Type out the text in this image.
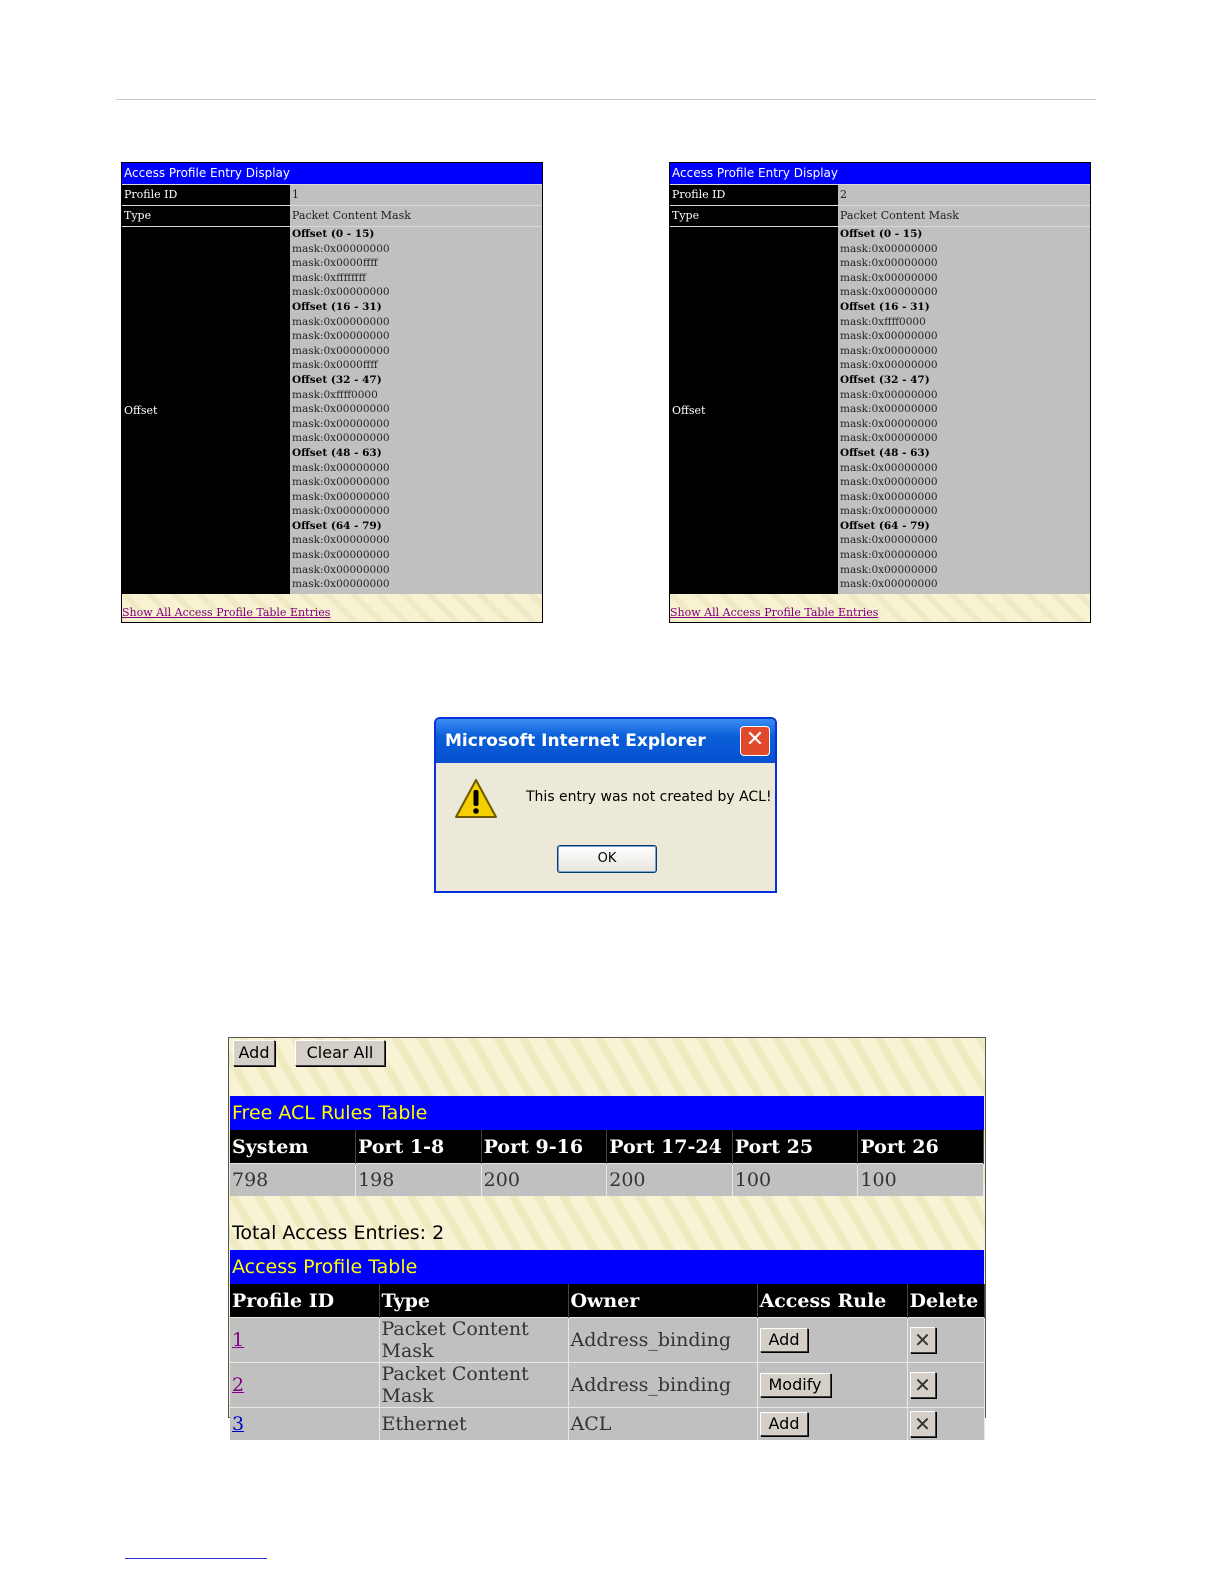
Access Profile Entry Display
Profile ID	1
Type	Packet Content Mask
Offset
Offset (0 - 15)
mask:0x00000000
mask:0x0000ffff
mask:0xffffffff
mask:0x00000000
Offset (16 - 31)
mask:0x00000000
mask:0x00000000
mask:0x00000000
mask:0x0000ffff
Offset (32 - 47)
mask:0xffff0000
mask:0x00000000
mask:0x00000000
mask:0x00000000
Offset (48 - 63)
mask:0x00000000
mask:0x00000000
mask:0x00000000
mask:0x00000000
Offset (64 - 79)
mask:0x00000000
mask:0x00000000
mask:0x00000000
mask:0x00000000
Show All Access Profile Table Entries
Access Profile Entry Display
Profile ID	2
Type	Packet Content Mask
Offset
Offset (0 - 15)
mask:0x00000000
mask:0x00000000
mask:0x00000000
mask:0x00000000
Offset (16 - 31)
mask:0xffff0000
mask:0x00000000
mask:0x00000000
mask:0x00000000
Offset (32 - 47)
mask:0x00000000
mask:0x00000000
mask:0x00000000
mask:0x00000000
Offset (48 - 63)
mask:0x00000000
mask:0x00000000
mask:0x00000000
mask:0x00000000
Offset (64 - 79)
mask:0x00000000
mask:0x00000000
mask:0x00000000
mask:0x00000000
Show All Access Profile Table Entries
Microsoft Internet Explorer ✕
This entry was not created by ACL!
OK
Add	Clear All
Free ACL Rules Table
System	Port 1-8	Port 9-16	Port 17-24	Port 25	Port 26
798	198	200	200	100	100
Total Access Entries: 2
Access Profile Table
Profile ID	Type	Owner	Access Rule	Delete
1	Packet Content Mask	Address_binding	Add	✕
2	Packet Content Mask	Address_binding	Modify	✕
3	Ethernet	ACL	Add	✕
